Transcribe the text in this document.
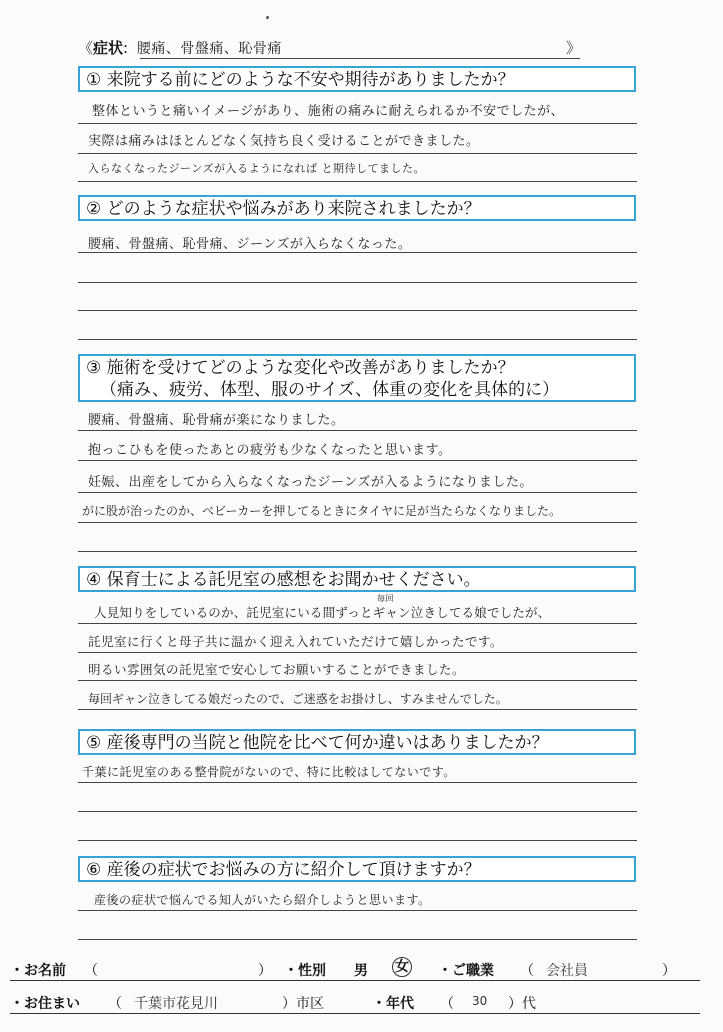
《症状: 腰痛、骨盤痛、恥骨痛	》
① 来院する前にどのような不安や期待がありましたか？
整体というと痛いイメージがあり、施術の痛みに耐えられるか不安でしたが、
実際は痛みはほとんどなく気持ち良く受けることができました。
入らなくなったジーンズが入るようになれば と期待してました。
② どのような症状や悩みがあり来院されましたか？
腰痛、骨盤痛、恥骨痛、ジーンズが入らなくなった。
③ 施術を受けてどのような変化や改善がありましたか？
（痛み、疲労、体型、服のサイズ、体重の変化を具体的に）
腰痛、骨盤痛、恥骨痛が楽になりました。
抱っこひもを使ったあとの疲労も少なくなったと思います。
妊娠、出産をしてから入らなくなったジーンズが入るようになりました。
がに股が治ったのか、ベビーカーを押してるときにタイヤに足が当たらなくなりました。
④ 保育士による託児室の感想をお聞かせください。
毎回
人見知りをしているのか、託児室にいる間ずっとギャン泣きしてる娘でしたが、
託児室に行くと母子共に温かく迎え入れていただけて嬉しかったです。
明るい雰囲気の託児室で安心してお願いすることができました。
毎回ギャン泣きしてる娘だったので、ご迷惑をお掛けし、すみませんでした。
⑤ 産後専門の当院と他院を比べて何か違いはありましたか？
千葉に託児室のある整骨院がないので、特に比較はしてないです。
⑥ 産後の症状でお悩みの方に紹介して頂けますか？
産後の症状で悩んでる知人がいたら紹介しようと思います。
・お名前 （	） ・性別 男 女 ・ご職業 （ 会社員	）
・お住まい （ 千葉市花見川	）市区	・年代 （ 30 ）代
